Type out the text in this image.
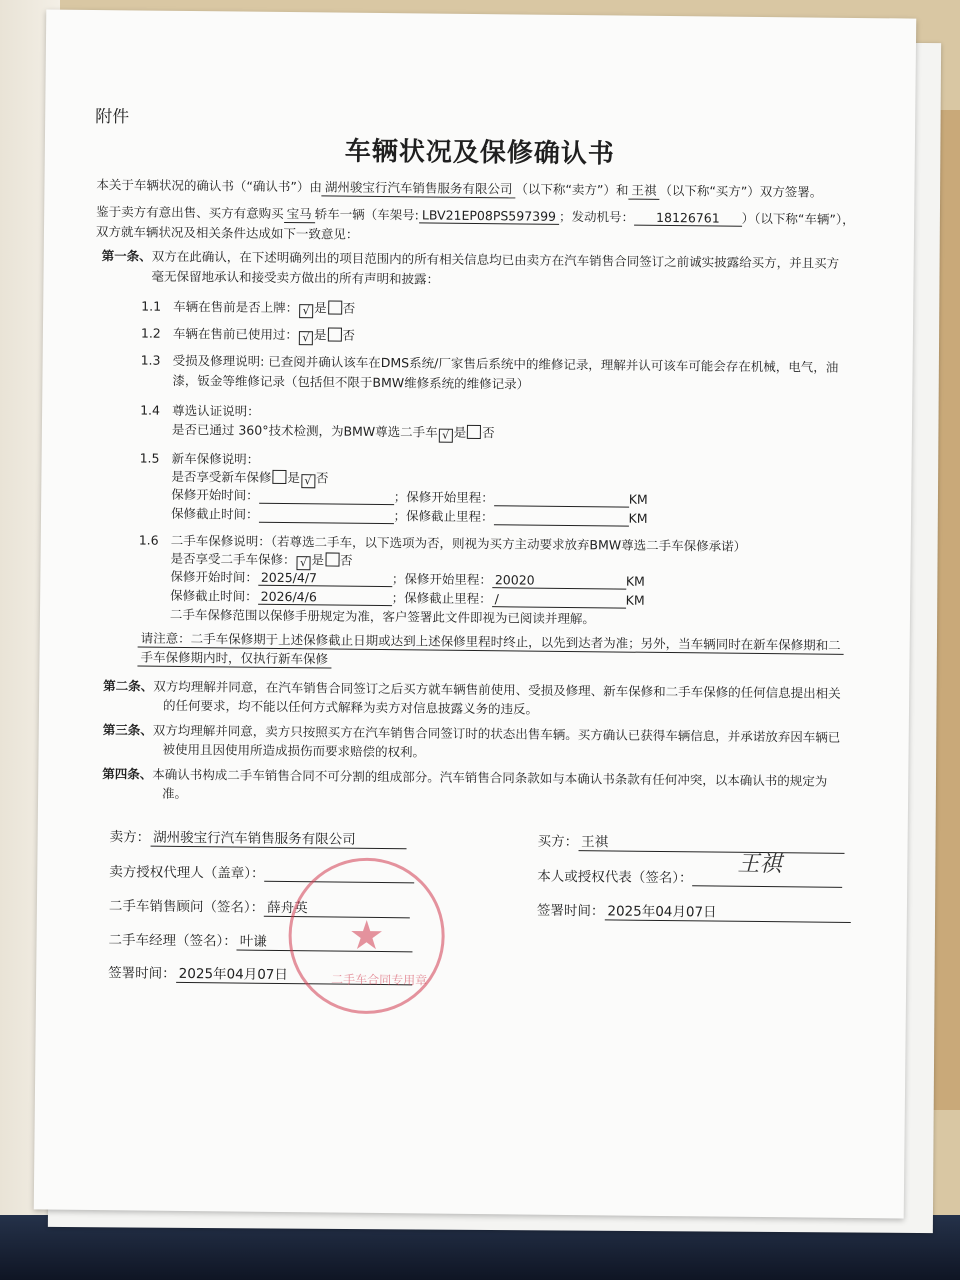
附件
车辆状况及保修确认书
本关于车辆状况的确认书（“确认书”）由 湖州骏宝行汽车销售服务有限公司 （以下称“卖方”）和 王祺 （以下称“买方”）双方签署。
鉴于卖方有意出售、买方有意购买 宝马 轿车一辆（车架号: LBV21EP08PS597399 ；发动机号： 18126761 ）（以下称“车辆”），
双方就车辆状况及相关条件达成如下一致意见：
第一条、双方在此确认，在下述明确列出的项目范围内的所有相关信息均已由卖方在汽车销售合同签订之前诚实披露给买方，并且买方
毫无保留地承认和接受卖方做出的所有声明和披露：
1.1 车辆在售前是否上牌： √ 是 否
1.2 车辆在售前已使用过： √ 是 否
1.3 受损及修理说明: 已查阅并确认该车在DMS系统/厂家售后系统中的维修记录，理解并认可该车可能会存在机械，电气，油
漆，钣金等维修记录（包括但不限于BMW维修系统的维修记录）
1.4 尊选认证说明：
是否已通过 360°技术检测，为BMW尊选二手车 √ 是 否
1.5 新车保修说明：
是否享受新车保修 是 √ 否
保修开始时间：	；保修开始里程：	KM
保修截止时间：	；保修截止里程：	KM
1.6 二手车保修说明：（若尊选二手车，以下选项为否，则视为买方主动要求放弃BMW尊选二手车保修承诺）
是否享受二手车保修： √ 是 否
保修开始时间： 2025/4/7	；保修开始里程： 20020	KM
保修截止时间： 2026/4/6	；保修截止里程： /	KM
二手车保修范围以保修手册规定为准，客户签署此文件即视为已阅读并理解。
请注意：二手车保修期于上述保修截止日期或达到上述保修里程时终止，以先到达者为准；另外，当车辆同时在新车保修期和二
手车保修期内时，仅执行新车保修
第二条、双方均理解并同意，在汽车销售合同签订之后买方就车辆售前使用、受损及修理、新车保修和二手车保修的任何信息提出相关
的任何要求，均不能以任何方式解释为卖方对信息披露义务的违反。
第三条、双方均理解并同意，卖方只按照买方在汽车销售合同签订时的状态出售车辆。买方确认已获得车辆信息，并承诺放弃因车辆已
被使用且因使用所造成损伤而要求赔偿的权利。
第四条、本确认书构成二手车销售合同不可分割的组成部分。汽车销售合同条款如与本确认书条款有任何冲突，以本确认书的规定为
准。
卖方： 湖州骏宝行汽车销售服务有限公司
卖方授权代理人（盖章）：
二手车销售顾问（签名）： 薛舟英
二手车经理（签名）： 叶谦
签署时间： 2025年04月07日
买方： 王祺
本人或授权代表（签名）：
王祺
签署时间： 2025年04月07日
★
二手车合同专用章
